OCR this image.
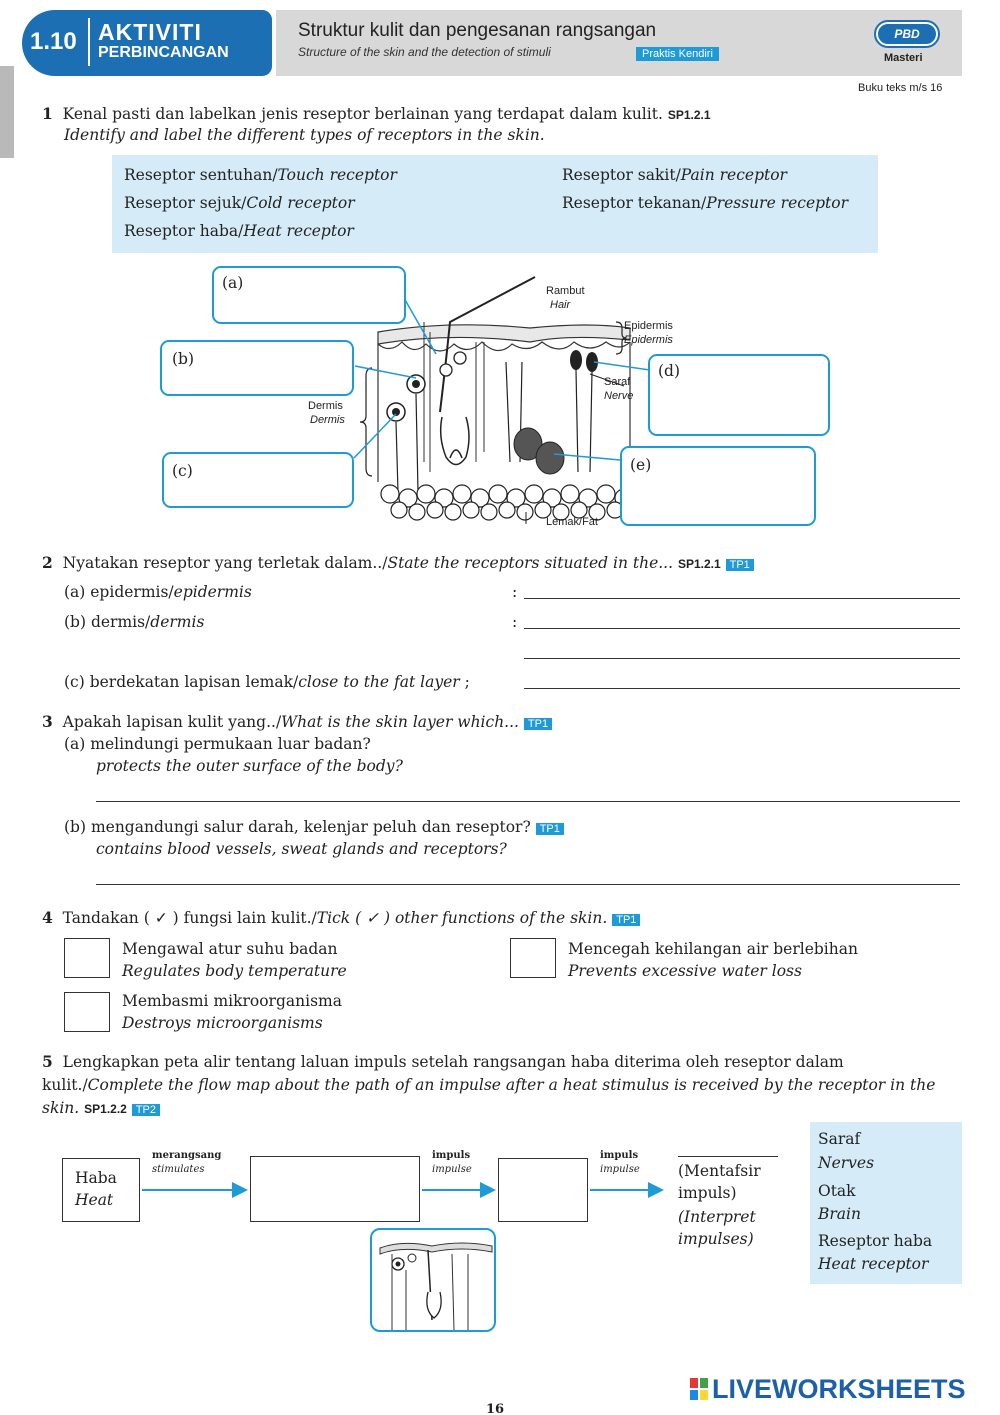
1.10 AKTIVITI
PERBINCANGAN
Struktur kulit dan pengesanan rangsangan
Structure of the skin and the detection of stimuli	Praktis Kendiri
PBD
Masteri
Buku teks m/s 16
1 Kenal pasti dan labelkan jenis reseptor berlainan yang terdapat dalam kulit. SP1.2.1
Identify and label the different types of receptors in the skin.
Reseptor sentuhan/Touch receptor	Reseptor sakit/Pain receptor
Reseptor sejuk/Cold receptor	Reseptor tekanan/Pressure receptor
Reseptor haba/Heat receptor
Rambut
Hair
Epidermis
Epidermis
Saraf
Nerve
Dermis
Dermis
Lemak/Fat
(a)
(b)
(c)
(d)
(e)
2 Nyatakan reseptor yang terletak dalam../State the receptors situated in the... SP1.2.1 TP1
(a) epidermis/epidermis	:
(b) dermis/dermis	:
(c) berdekatan lapisan lemak/close to the fat layer ;
3 Apakah lapisan kulit yang../What is the skin layer which... TP1
(a) melindungi permukaan luar badan?
protects the outer surface of the body?
(b) mengandungi salur darah, kelenjar peluh dan reseptor? TP1
contains blood vessels, sweat glands and receptors?
4 Tandakan ( ✓ ) fungsi lain kulit./Tick ( ✓ ) other functions of the skin. TP1
Mengawal atur suhu badan
Regulates body temperature
Mencegah kehilangan air berlebihan
Prevents excessive water loss
Membasmi mikroorganisma
Destroys microorganisms
5 Lengkapkan peta alir tentang laluan impuls setelah rangsangan haba diterima oleh reseptor dalam kulit./Complete the flow map about the path of an impulse after a heat stimulus is received by the receptor in the skin. SP1.2.2 TP2
Haba
Heat
merangsang
stimulates
impuls
impulse
impuls
impulse (Mentafsir impuls)
(Interpret impulses)
Saraf
Nerves
Otak
Brain
Reseptor haba
Heat receptor
16
LIVEWORKSHEETS
